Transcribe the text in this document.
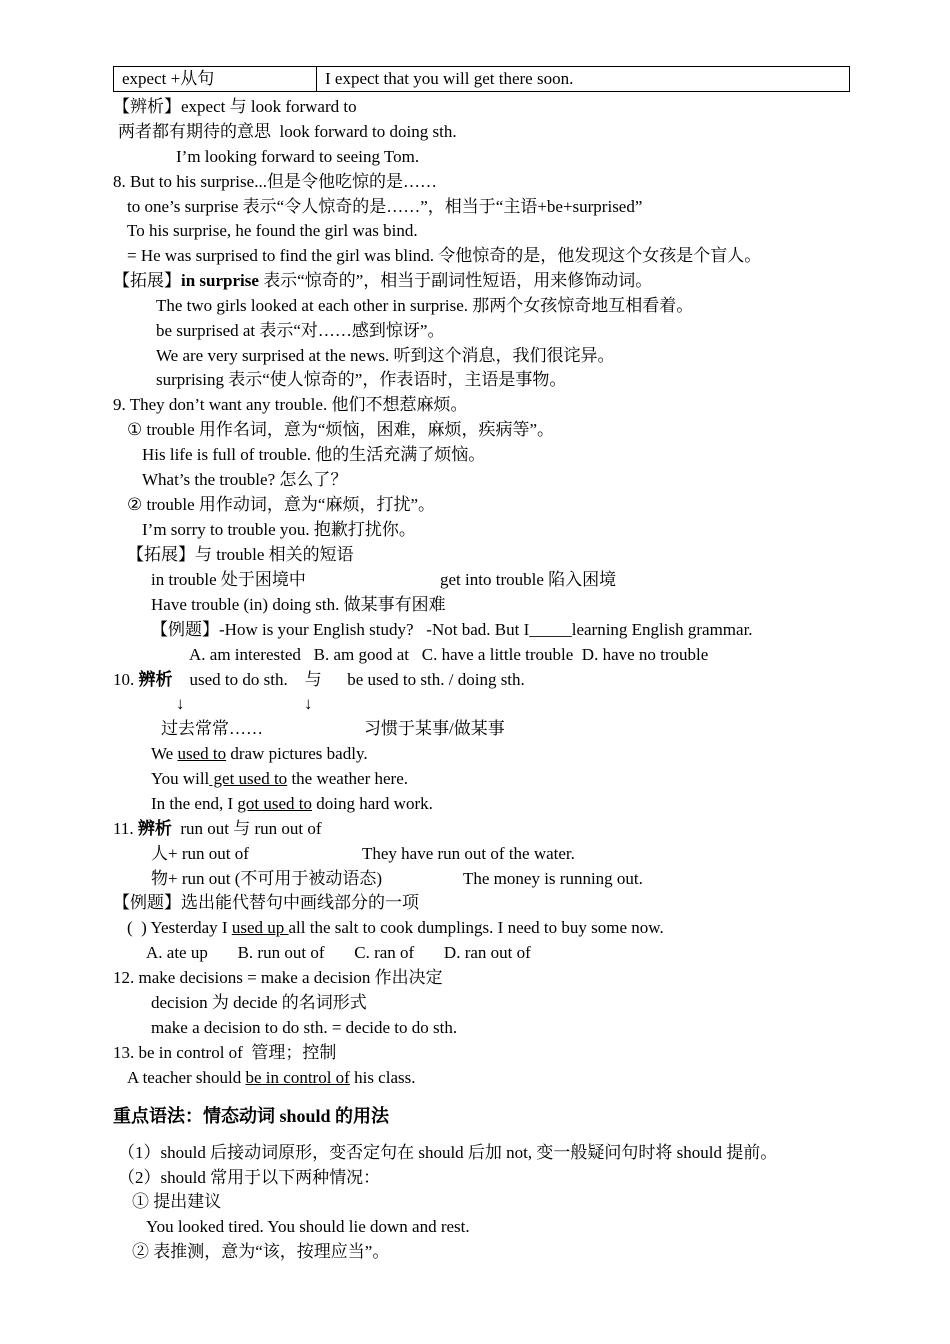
expect +从句	I expect that you will get there soon.
【辨析】expect 与 look forward to
两者都有期待的意思  look forward to doing sth.
I’m looking forward to seeing Tom.
8. But to his surprise...但是令他吃惊的是……
to one’s surprise 表示“令人惊奇的是……”，相当于“主语+be+surprised”
To his surprise, he found the girl was bind.
= He was surprised to find the girl was blind. 令他惊奇的是，他发现这个女孩是个盲人。
【拓展】in surprise 表示“惊奇的”，相当于副词性短语，用来修饰动词。
The two girls looked at each other in surprise. 那两个女孩惊奇地互相看着。
be surprised at 表示“对……感到惊讶”。
We are very surprised at the news. 听到这个消息，我们很诧异。
surprising 表示“使人惊奇的”，作表语时，主语是事物。
9. They don’t want any trouble. 他们不想惹麻烦。
① trouble 用作名词，意为“烦恼，困难，麻烦，疾病等”。
His life is full of trouble. 他的生活充满了烦恼。
What’s the trouble? 怎么了？
② trouble 用作动词，意为“麻烦，打扰”。
I’m sorry to trouble you. 抱歉打扰你。
【拓展】与 trouble 相关的短语
in trouble 处于困境中	get into trouble 陷入困境
Have trouble (in) doing sth. 做某事有困难
【例题】-How is your English study?   -Not bad. But I_____learning English grammar.
A. am interested   B. am good at   C. have a little trouble  D. have no trouble
10. 辨析    used to do sth.    与      be used to sth. / doing sth.
↓	↓
过去常常……	习惯于某事/做某事
We used to draw pictures badly.
You will get used to the weather here.
In the end, I got used to doing hard work.
11. 辨析  run out 与 run out of
人+ run out of	They have run out of the water.
物+ run out (不可用于被动语态)	The money is running out.
【例题】选出能代替句中画线部分的一项
(  ) Yesterday I used up all the salt to cook dumplings. I need to buy some now.
A. ate up       B. run out of       C. ran of       D. ran out of
12. make decisions = make a decision 作出决定
decision 为 decide 的名词形式
make a decision to do sth. = decide to do sth.
13. be in control of  管理；控制
A teacher should be in control of his class.
重点语法：情态动词 should 的用法
（1）should 后接动词原形，变否定句在 should 后加 not, 变一般疑问句时将 should 提前。
（2）should 常用于以下两种情况：
① 提出建议
You looked tired. You should lie down and rest.
② 表推测，意为“该，按理应当”。
